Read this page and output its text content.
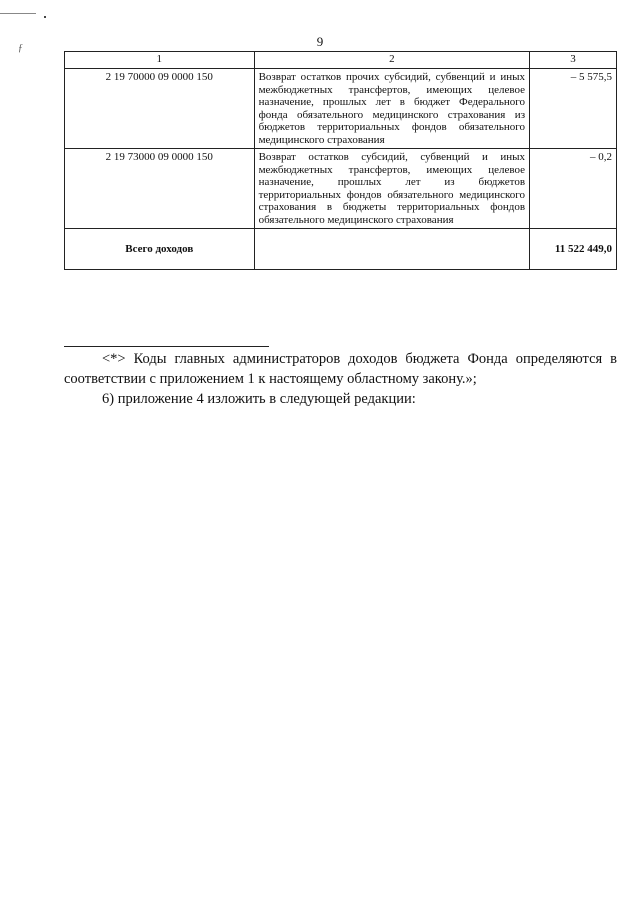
ƒ	9
1	2	3
2 19 70000 09 0000 150	Возврат остатков прочих субсидий, субвенций и иных межбюджетных трансфертов, имеющих целевое назначение, прошлых лет в бюджет Федерального фонда обязательного медицинского страхования из бюджетов территориальных фондов обязательного медицинского страхования	– 5 575,5
2 19 73000 09 0000 150	Возврат остатков субсидий, субвенций и иных межбюджетных трансфертов, имеющих целевое назначение, прошлых лет из бюджетов территориальных фондов обязательного медицинского страхования в бюджеты территориальных фондов обязательного медицинского страхования	– 0,2
Всего доходов		11 522 449,0

<*> Коды главных администраторов доходов бюджета Фонда определяются в соответствии с приложением 1 к настоящему областному закону.»;

6) приложение 4 изложить в следующей редакции:
